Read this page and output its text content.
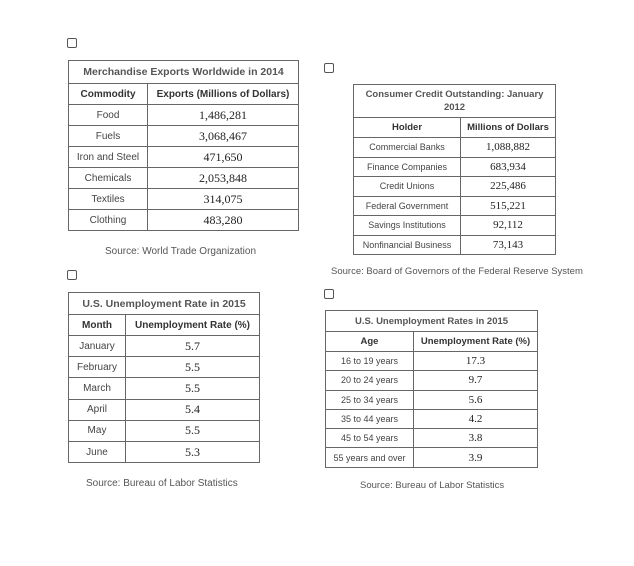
Merchandise Exports Worldwide in 2014	
Commodity	Exports (Millions of Dollars)
Food	1,486,281
Fuels	3,068,467
Iron and Steel	471,650
Chemicals	2,053,848
Textiles	314,075
Clothing	483,280
Source: World Trade Organization
Consumer Credit Outstanding: January 2012	
Holder	Millions of Dollars
Commercial Banks	1,088,882
Finance Companies	683,934
Credit Unions	225,486
Federal Government	515,221
Savings Institutions	92,112
Nonfinancial Business	73,143
Source: Board of Governors of the Federal Reserve System
U.S. Unemployment Rate in 2015	
Month	Unemployment Rate (%)
January	5.7
February	5.5
March	5.5
April	5.4
May	5.5
June	5.3
Source: Bureau of Labor Statistics
U.S. Unemployment Rates in 2015	
Age	Unemployment Rate (%)
16 to 19 years	17.3
20 to 24 years	9.7
25 to 34 years	5.6
35 to 44 years	4.2
45 to 54 years	3.8
55 years and over	3.9
Source: Bureau of Labor Statistics
